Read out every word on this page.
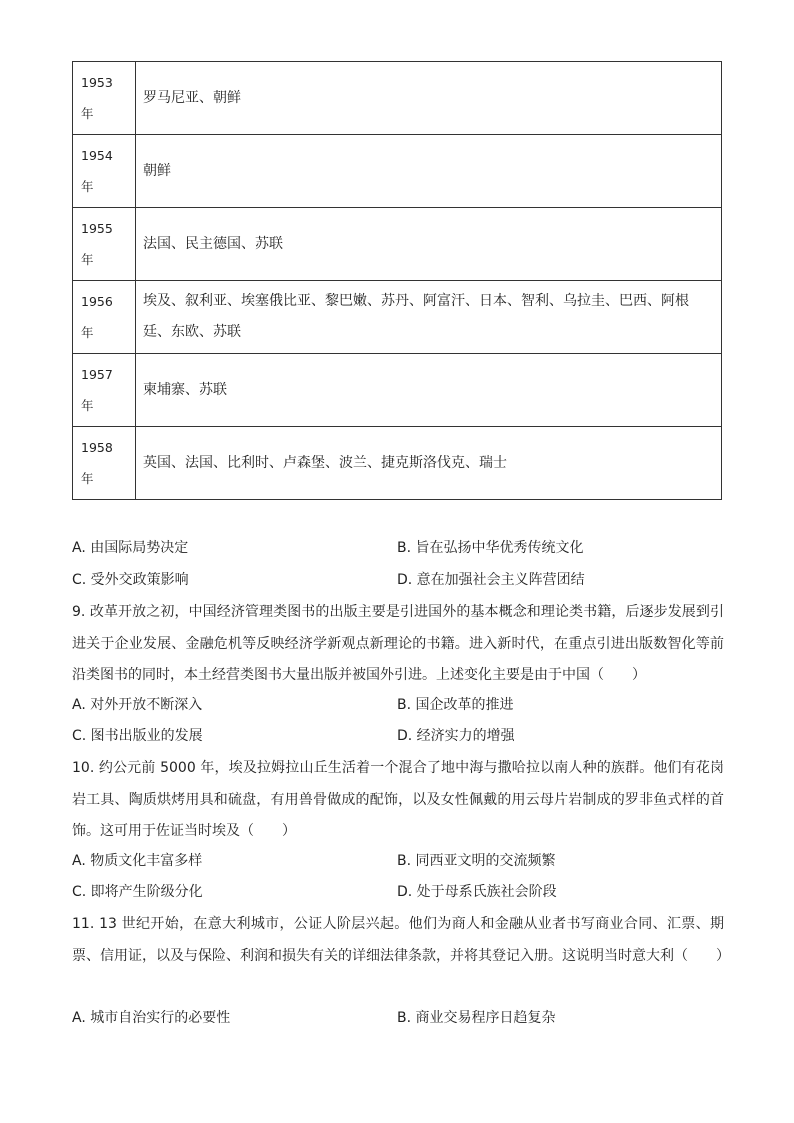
1953
年	罗马尼亚、朝鲜

1954
年	朝鲜

1955
年	法国、民主德国、苏联

1956
年	埃及、叙利亚、埃塞俄比亚、黎巴嫩、苏丹、阿富汗、日本、智利、乌拉圭、巴西、阿根廷、东欧、苏联

1957
年	柬埔寨、苏联

1958
年	英国、法国、比利时、卢森堡、波兰、捷克斯洛伐克、瑞士
A. 由国际局势决定	B. 旨在弘扬中华优秀传统文化
C. 受外交政策影响	D. 意在加强社会主义阵营团结
9. 改革开放之初，中国经济管理类图书的出版主要是引进国外的基本概念和理论类书籍，后逐步发展到引进关于企业发展、金融危机等反映经济学新观点新理论的书籍。进入新时代，在重点引进出版数智化等前沿类图书的同时，本土经营类图书大量出版并被国外引进。上述变化主要是由于中国（　　）
A. 对外开放不断深入	B. 国企改革的推进
C. 图书出版业的发展	D. 经济实力的增强
10. 约公元前 5000 年，埃及拉姆拉山丘生活着一个混合了地中海与撒哈拉以南人种的族群。他们有花岗岩工具、陶质烘烤用具和硫盘，有用兽骨做成的配饰，以及女性佩戴的用云母片岩制成的罗非鱼式样的首饰。这可用于佐证当时埃及（　　）
A. 物质文化丰富多样	B. 同西亚文明的交流频繁
C. 即将产生阶级分化	D. 处于母系氏族社会阶段
11. 13 世纪开始，在意大利城市，公证人阶层兴起。他们为商人和金融从业者书写商业合同、汇票、期票、信用证，以及与保险、利润和损失有关的详细法律条款，并将其登记入册。这说明当时意大利（　　）
A. 城市自治实行的必要性	B. 商业交易程序日趋复杂
